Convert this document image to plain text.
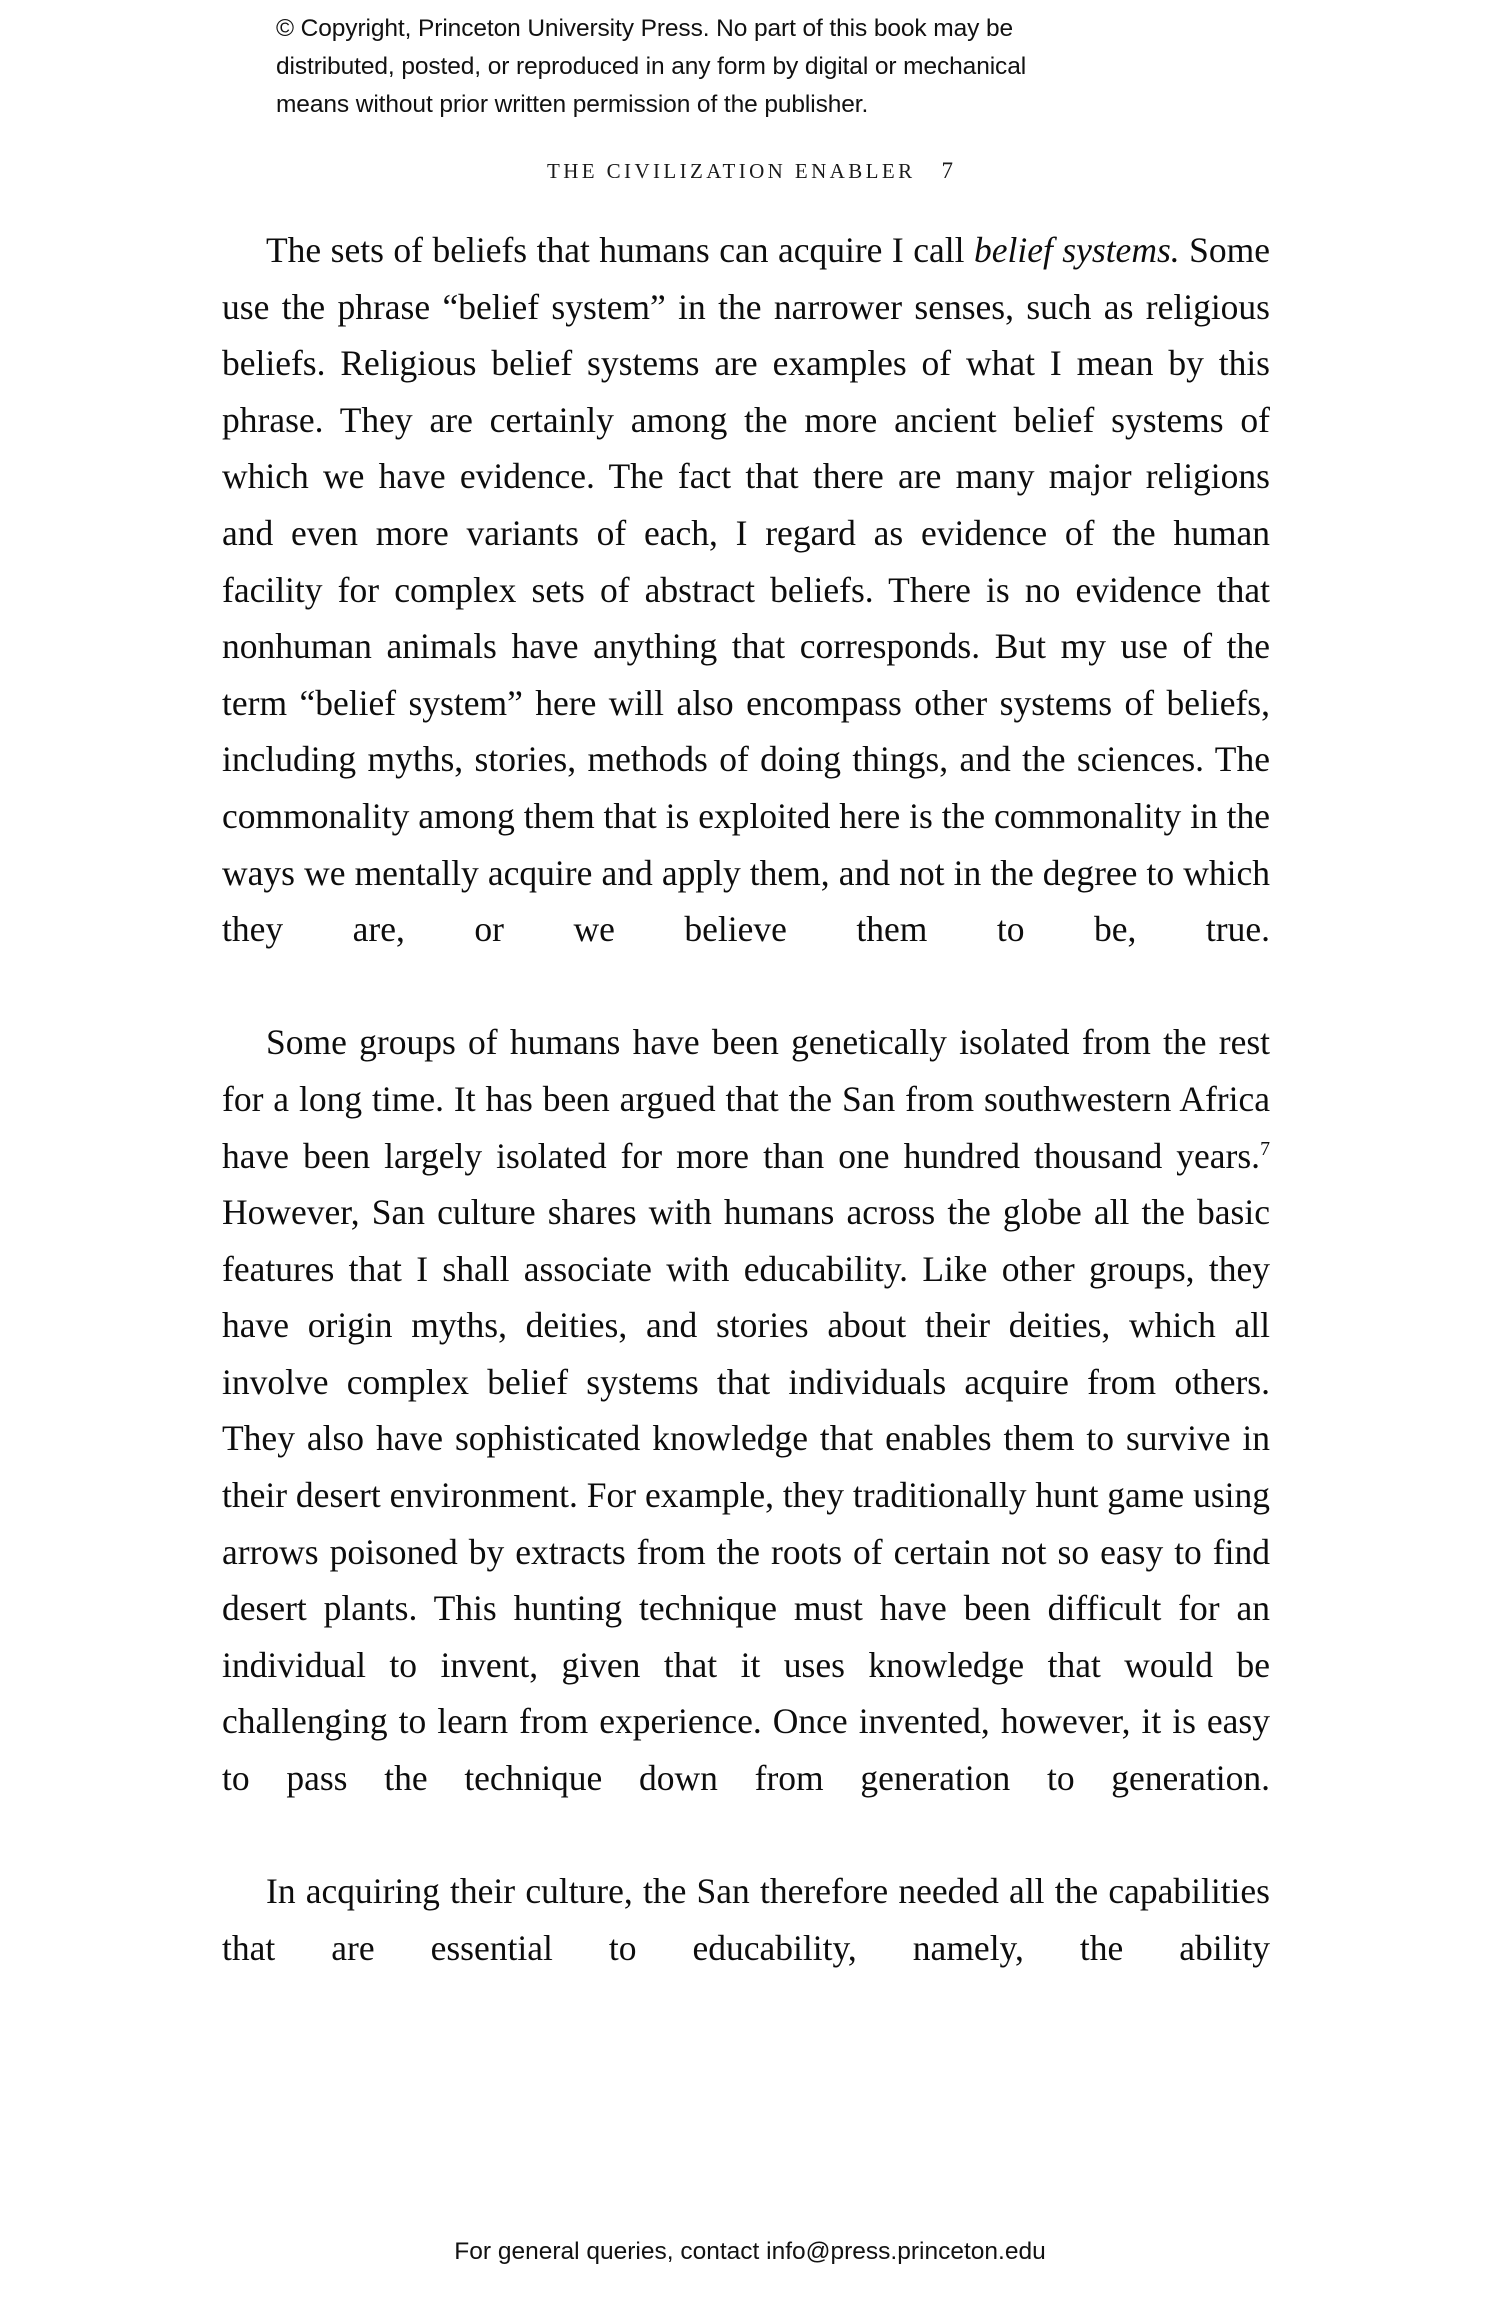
© Copyright, Princeton University Press. No part of this book may be
distributed, posted, or reproduced in any form by digital or mechanical
means without prior written permission of the publisher.
THE CIVILIZATION ENABLER 7

The sets of beliefs that humans can acquire I call belief systems. Some use the phrase “belief system” in the narrower senses, such as religious beliefs. Religious belief systems are examples of what I mean by this phrase. They are certainly among the more ancient belief systems of which we have evidence. The fact that there are many major religions and even more variants of each, I regard as evidence of the human facility for complex sets of abstract beliefs. There is no evidence that nonhuman animals have anything that corresponds. But my use of the term “belief system” here will also encompass other systems of beliefs, including myths, stories, methods of doing things, and the sciences. The commonality among them that is exploited here is the commonality in the ways we mentally acquire and apply them, and not in the degree to which they are, or we believe them to be, true.

Some groups of humans have been genetically isolated from the rest for a long time. It has been argued that the San from southwestern Africa have been largely isolated for more than one hundred thousand years.$^7$ However, San culture shares with humans across the globe all the basic features that I shall associate with educability. Like other groups, they have origin myths, deities, and stories about their deities, which all involve complex belief systems that individuals acquire from others. They also have sophisticated knowledge that enables them to survive in their desert environment. For example, they traditionally hunt game using arrows poisoned by extracts from the roots of certain not so easy to find desert plants. This hunting technique must have been difficult for an individual to invent, given that it uses knowledge that would be challenging to learn from experience. Once invented, however, it is easy to pass the technique down from generation to generation.

In acquiring their culture, the San therefore needed all the capabilities that are essential to educability, namely, the ability

For general queries, contact info@press.princeton.edu
